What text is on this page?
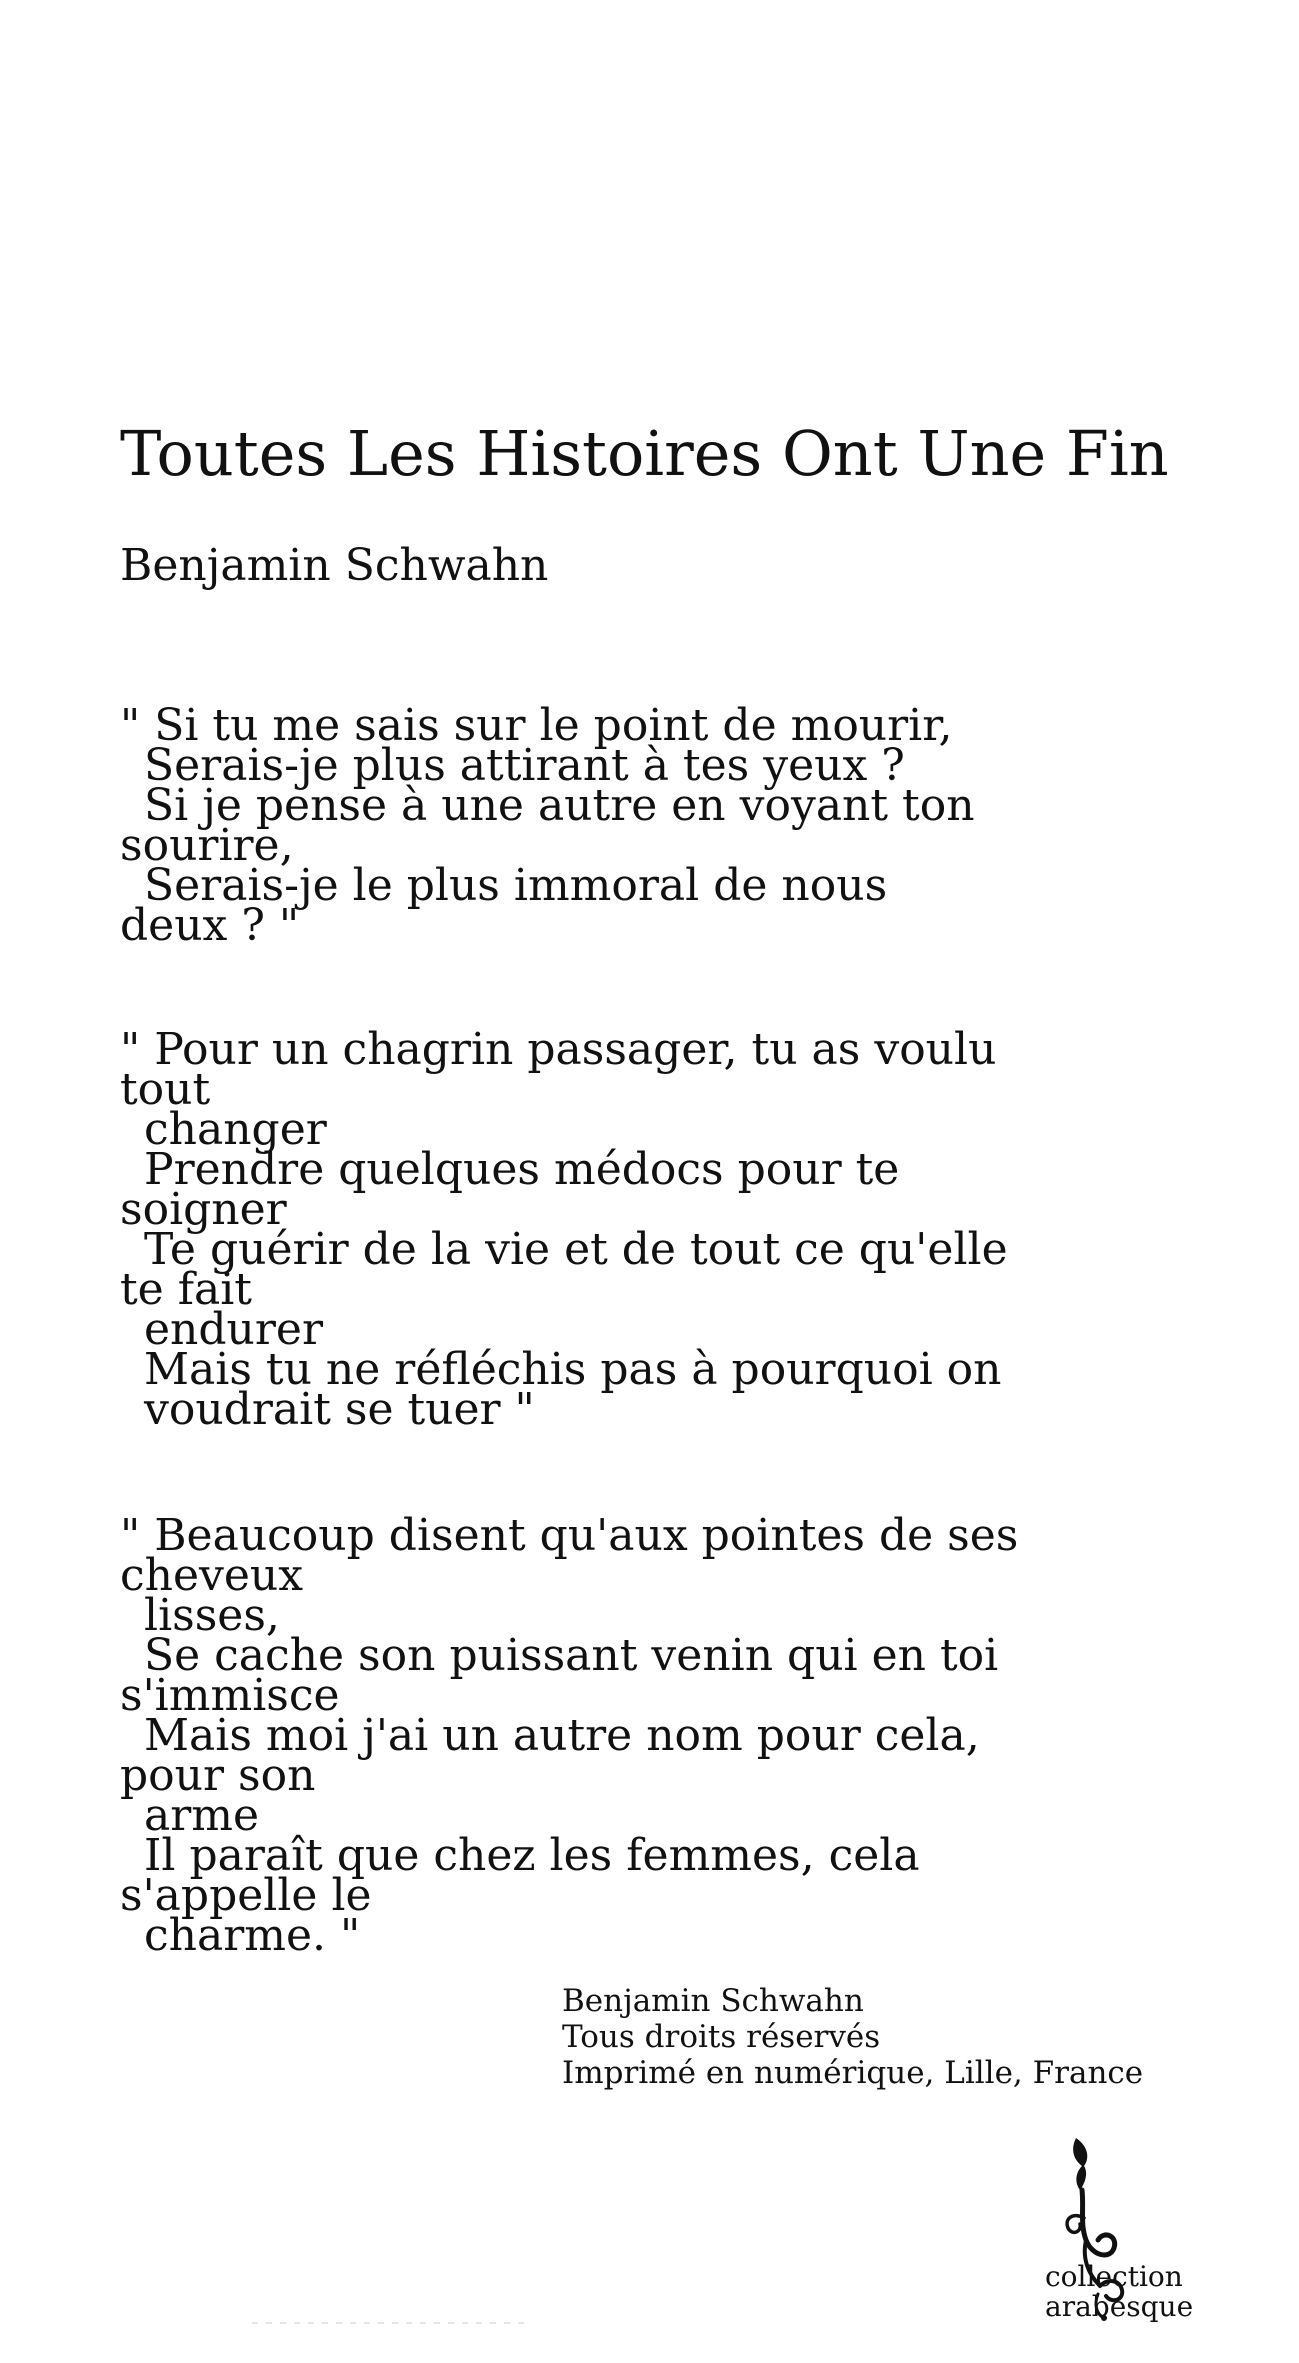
Toutes Les Histoires Ont Une Fin
Benjamin Schwahn
" Si tu me sais sur le point de mourir,
Serais-je plus attirant à tes yeux ?
Si je pense à une autre en voyant ton
sourire,
Serais-je le plus immoral de nous
deux ? "
" Pour un chagrin passager, tu as voulu
tout
changer
Prendre quelques médocs pour te
soigner
Te guérir de la vie et de tout ce qu'elle
te fait
endurer
Mais tu ne réfléchis pas à pourquoi on
voudrait se tuer "
" Beaucoup disent qu'aux pointes de ses
cheveux
lisses,
Se cache son puissant venin qui en toi
s'immisce
Mais moi j'ai un autre nom pour cela,
pour son
arme
Il paraît que chez les femmes, cela
s'appelle le
charme. "
Benjamin Schwahn
Tous droits réservés
Imprimé en numérique, Lille, France
collection
arabesque
